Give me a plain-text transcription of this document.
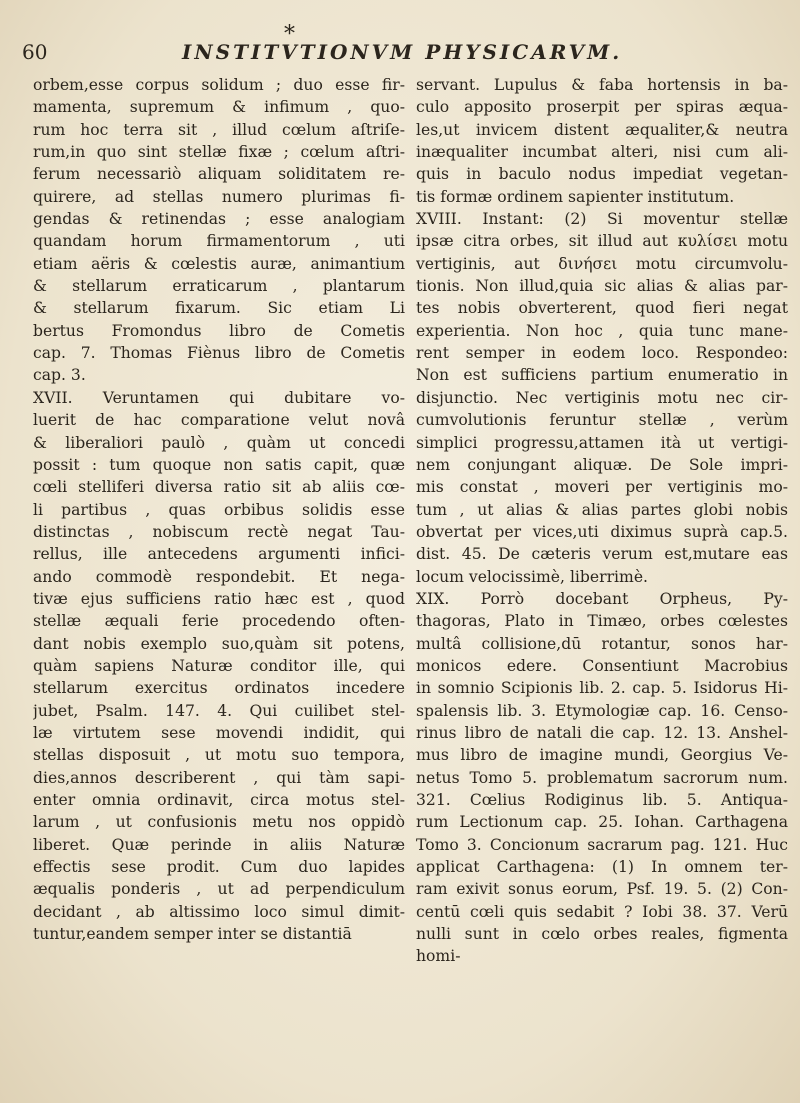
60
*
INSTITVTIONVM PHYSICARVM.
orbem,esse corpus solidum ; duo esse fir-
mamenta, supremum & infimum , quo-
rum hoc terra sit , illud cœlum aſtriſe-
rum,in quo sint stellæ fixæ ; cœlum aſtri-
ferum necessariò aliquam soliditatem re-
quirere, ad stellas numero plurimas fi-
gendas & retinendas ; esse analogiam
quandam horum firmamentorum , uti
etiam aëris & cœlestis auræ, animantium
& stellarum erraticarum , plantarum
& stellarum fixarum. Sic etiam Li
bertus Fromondus libro de Cometis
cap. 7. Thomas Fiènus libro de Cometis
cap. 3.
XVII. Veruntamen qui dubitare vo-
luerit de hac comparatione velut novâ
& liberaliori paulò , quàm ut concedi
possit : tum quoque non satis capit, quæ
cœli stelliferi diversa ratio sit ab aliis cœ-
li partibus , quas orbibus solidis esse
distinctas , nobiscum rectè negat Tau-
rellus, ille antecedens argumenti infici-
ando commodè respondebit. Et nega-
tivæ ejus sufficiens ratio hæc est , quod
stellæ æquali ferie procedendo often-
dant nobis exemplo suo,quàm sit potens,
quàm sapiens Naturæ conditor ille, qui
stellarum exercitus ordinatos incedere
jubet, Psalm. 147. 4. Qui cuilibet stel-
læ virtutem sese movendi indidit, qui
stellas disposuit , ut motu suo tempora,
dies,annos describerent , qui tàm sapi-
enter omnia ordinavit, circa motus stel-
larum , ut confusionis metu nos oppidò
liberet. Quæ perinde in aliis Naturæ
effectis sese prodit. Cum duo lapides
æqualis ponderis , ut ad perpendiculum
decidant , ab altissimo loco simul dimit-
tuntur,eandem semper inter se distantiā
servant. Lupulus & faba hortensis in ba-
culo apposito proserpit per spiras æqua-
les,ut invicem distent æqualiter,& neutra
inæqualiter incumbat alteri, nisi cum ali-
quis in baculo nodus impediat vegetan-
tis formæ ordinem sapienter institutum.
XVIII. Instant: (2) Si moventur stellæ
ipsæ citra orbes, sit illud aut κυλίσει motu
vertiginis, aut δινήσει motu circumvolu-
tionis. Non illud,quia sic alias & alias par-
tes nobis obverterent, quod fieri negat
experientia. Non hoc , quia tunc mane-
rent semper in eodem loco. Respondeo:
Non est sufficiens partium enumeratio in
disjunctio. Nec vertiginis motu nec cir-
cumvolutionis feruntur stellæ , verùm
simplici progressu,attamen ità ut vertigi-
nem conjungant aliquæ. De Sole impri-
mis constat , moveri per vertiginis mo-
tum , ut alias & alias partes globi nobis
obvertat per vices,uti diximus suprà cap.5.
dist. 45. De cæteris verum est,mutare eas
locum velocissimè, liberrimè.
XIX. Porrò docebant Orpheus, Py-
thagoras, Plato in Timæo, orbes cœlestes
multâ collisione,dū rotantur, sonos har-
monicos edere. Consentiunt Macrobius
in somnio Scipionis lib. 2. cap. 5. Isidorus Hi-
spalensis lib. 3. Etymologiæ cap. 16. Censo-
rinus libro de natali die cap. 12. 13. Anshel-
mus libro de imagine mundi, Georgius Ve-
netus Tomo 5. problematum sacrorum num.
321. Cœlius Rodiginus lib. 5. Antiqua-
rum Lectionum cap. 25. Iohan. Carthagena
Tomo 3. Concionum sacrarum pag. 121. Huc
applicat Carthagena: (1) In omnem ter-
ram exivit sonus eorum, Psf. 19. 5. (2) Con-
centū cœli quis sedabit ? Iobi 38. 37. Verū
nulli sunt in cœlo orbes reales, figmenta
homi-
